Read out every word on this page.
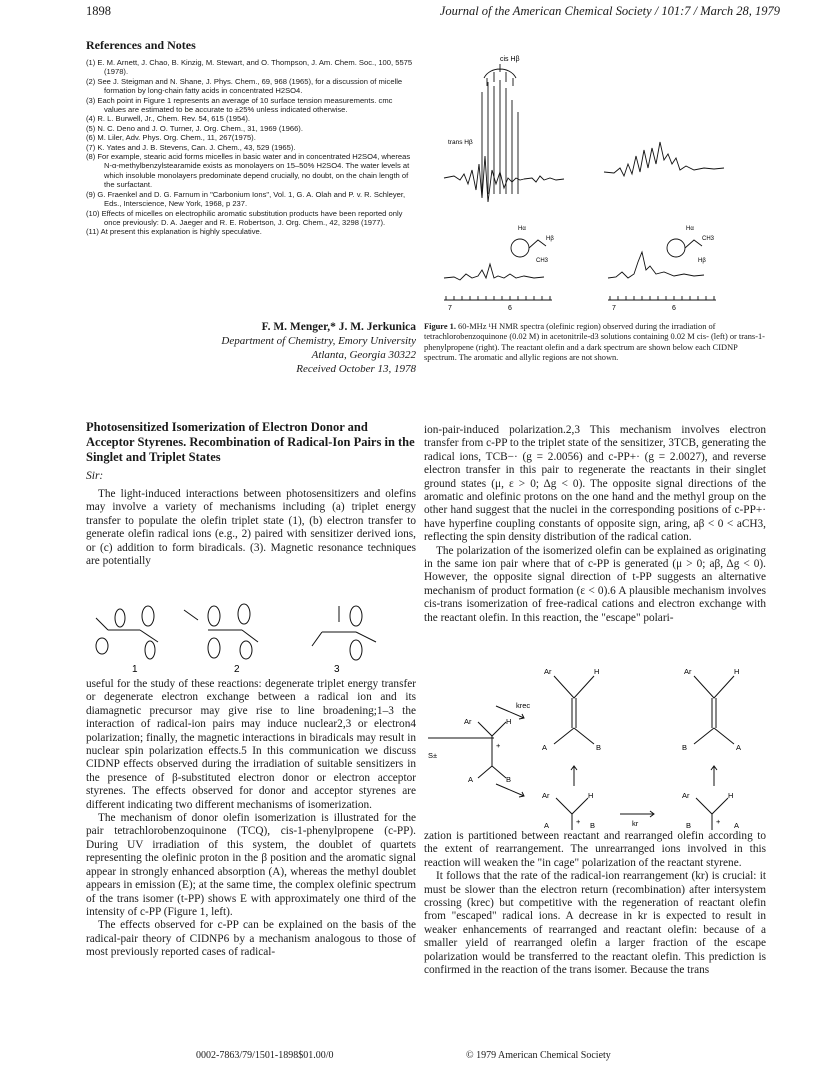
1898	Journal of the American Chemical Society / 101:7 / March 28, 1979
References and Notes
(1) E. M. Arnett, J. Chao, B. Kinzig, M. Stewart, and O. Thompson, J. Am. Chem. Soc., 100, 5575 (1978).
(2) See J. Steigman and N. Shane, J. Phys. Chem., 69, 968 (1965), for a discussion of micelle formation by long-chain fatty acids in concentrated H2SO4.
(3) Each point in Figure 1 represents an average of 10 surface tension measurements. cmc values are estimated to be accurate to ±25% unless indicated otherwise.
(4) R. L. Burwell, Jr., Chem. Rev. 54, 615 (1954).
(5) N. C. Deno and J. O. Turner, J. Org. Chem., 31, 1969 (1966).
(6) M. Liler, Adv. Phys. Org. Chem., 11, 267(1975).
(7) K. Yates and J. B. Stevens, Can. J. Chem., 43, 529 (1965).
(8) For example, stearic acid forms micelles in basic water and in concentrated H2SO4, whereas N-α-methylbenzylstearamide exists as monolayers on 15–50% H2SO4. The water levels at which insoluble monolayers predominate depend crucially, no doubt, on the chain length of the surfactant.
(9) G. Fraenkel and D. G. Farnum in "Carbonium Ions", Vol. 1, G. A. Olah and P. v. R. Schleyer, Eds., Interscience, New York, 1968, p 237.
(10) Effects of micelles on electrophilic aromatic substitution products have been reported only once previously: D. A. Jaeger and R. E. Robertson, J. Org. Chem., 42, 3298 (1977).
(11) At present this explanation is highly speculative.
F. M. Menger,* J. M. Jerkunica
Department of Chemistry, Emory University
Atlanta, Georgia 30322
Received October 13, 1978
cis Hβ
trans Hβ
Hα
Hβ
CH3
Hα
CH3
Hβ
7	6	7	6
Figure 1. 60-MHz ¹H NMR spectra (olefinic region) observed during the irradiation of tetrachlorobenzoquinone (0.02 M) in acetonitrile-d3 solutions containing 0.02 M cis- (left) or trans-1-phenylpropene (right). The reactant olefin and a dark spectrum are shown below each CIDNP spectrum. The aromatic and allylic regions are not shown.
Photosensitized Isomerization of Electron Donor and Acceptor Styrenes. Recombination of Radical-Ion Pairs in the Singlet and Triplet States
Sir:

The light-induced interactions between photosensitizers and olefins may involve a variety of mechanisms including (a) triplet energy transfer to populate the olefin triplet state (1), (b) electron transfer to generate olefin radical ions (e.g., 2) paired with sensitizer derived ions, or (c) addition to form biradicals. (3). Magnetic resonance techniques are potentially

1	2	3

useful for the study of these reactions: degenerate triplet energy transfer or degenerate electron exchange between a radical ion and its diamagnetic precursor may give rise to line broadening;1–3 the interaction of radical-ion pairs may induce nuclear2,3 or electron4 polarization; finally, the magnetic interactions in biradicals may result in nuclear spin polarization effects.5 In this communication we discuss CIDNP effects observed during the irradiation of suitable sensitizers in the presence of β-substituted electron donor or electron acceptor styrenes. The effects observed for donor and acceptor styrenes are different indicating two different mechanisms of isomerization.

The mechanism of donor olefin isomerization is illustrated for the pair tetrachlorobenzoquinone (TCQ), cis-1-phenylpropene (c-PP). During UV irradiation of this system, the doublet of quartets representing the olefinic proton in the β position and the aromatic signal appear in strongly enhanced absorption (A), whereas the methyl doublet appears in emission (E); at the same time, the complex olefinic spectrum of the trans isomer (t-PP) shows E with approximately one third of the intensity of c-PP (Figure 1, left).

The effects observed for c-PP can be explained on the basis of the radical-pair theory of CIDNP6 by a mechanism analogous to those of most previously reported cases of radical-

ion-pair-induced polarization.2,3 This mechanism involves electron transfer from c-PP to the triplet state of the sensitizer, 3TCB, generating the radical ions, TCB−· (g = 2.0056) and c-PP+· (g = 2.0027), and reverse electron transfer in this pair to regenerate the reactants in their singlet ground states (μ, ε > 0; Δg < 0). The opposite signal directions of the aromatic and olefinic protons on the one hand and the methyl group on the other hand suggest that the nuclei in the corresponding positions of c-PP+· have hyperfine coupling constants of opposite sign, aring, aβ < 0 < aCH3, reflecting the spin density distribution of the radical cation.

The polarization of the isomerized olefin can be explained as originating in the same ion pair where that of c-PP is generated (μ > 0; aβ, Δg < 0). However, the opposite signal direction of t-PP suggests an alternative mechanism of product formation (ε < 0).6 A plausible mechanism involves cis-trans isomerization of free-radical cations and electron exchange with the reactant olefin. In this reaction, the "escape" polari-

Ar	H
A	B
Ar	H
B	A
S±
Ar	H
+
A	B
krec
Ar	H
+
A	B	kr
Ar	H
+
B	A

zation is partitioned between reactant and rearranged olefin according to the extent of rearrangement. The unrearranged ions involved in this reaction will weaken the "in cage" polarization of the reactant styrene.

It follows that the rate of the radical-ion rearrangement (kr) is crucial: it must be slower than the electron return (recombination) after intersystem crossing (krec) but competitive with the regeneration of reactant olefin from "escaped" radical ions. A decrease in kr is expected to result in weaker enhancements of rearranged and reactant olefin: because of a smaller yield of rearranged olefin a larger fraction of the escape polarization would be transferred to the reactant olefin. This prediction is confirmed in the reaction of the trans isomer. Because the trans

0002-7863/79/1501-1898$01.00/0	© 1979 American Chemical Society
